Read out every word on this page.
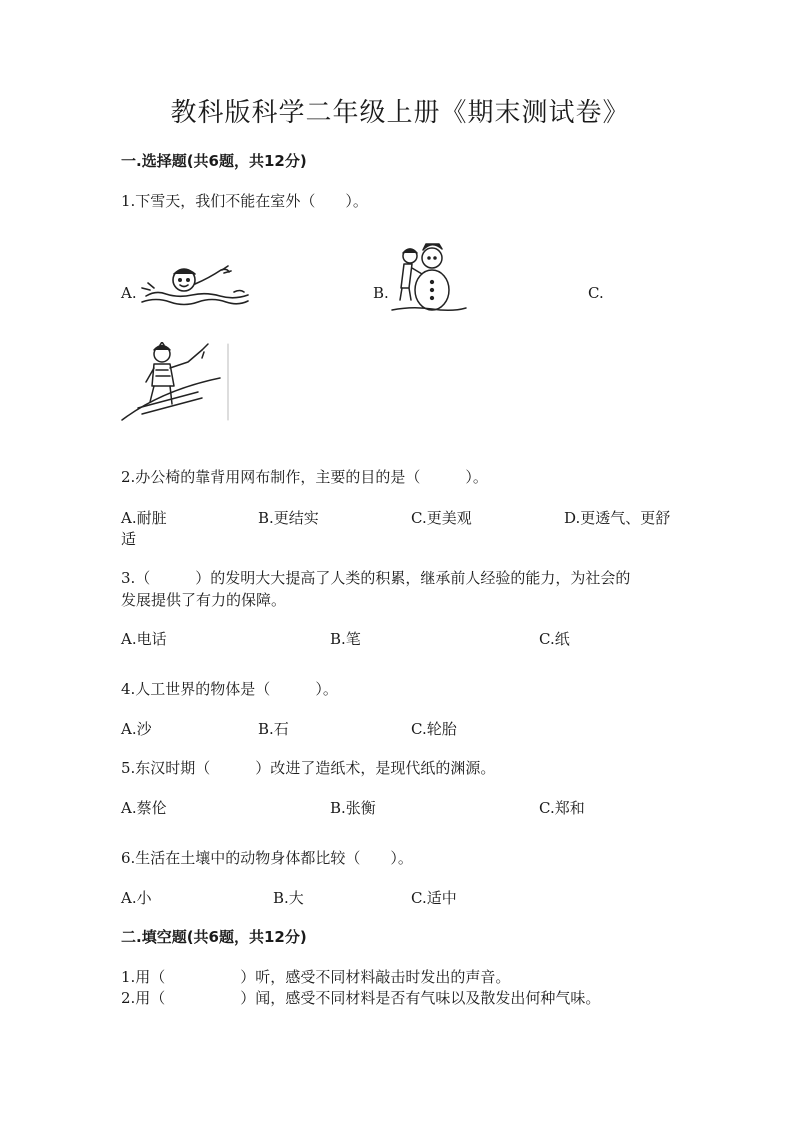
教科版科学二年级上册《期末测试卷》
一.选择题(共6题，共12分)
1.下雪天，我们不能在室外（　　）。
A.	B.	C.
2.办公椅的靠背用网布制作，主要的目的是（　　　）。
A.耐脏	B.更结实	C.更美观	D.更透气、更舒
适
3.（　　　）的发明大大提高了人类的积累，继承前人经验的能力，为社会的
发展提供了有力的保障。
A.电话	B.笔	C.纸
4.人工世界的物体是（　　　）。
A.沙	B.石	C.轮胎
5.东汉时期（　　　）改进了造纸术，是现代纸的渊源。
A.蔡伦	B.张衡	C.郑和
6.生活在土壤中的动物身体都比较（　　）。
A.小	B.大	C.适中
二.填空题(共6题，共12分)
1.用（　　　　　）听，感受不同材料敲击时发出的声音。
2.用（　　　　　）闻，感受不同材料是否有气味以及散发出何种气味。
